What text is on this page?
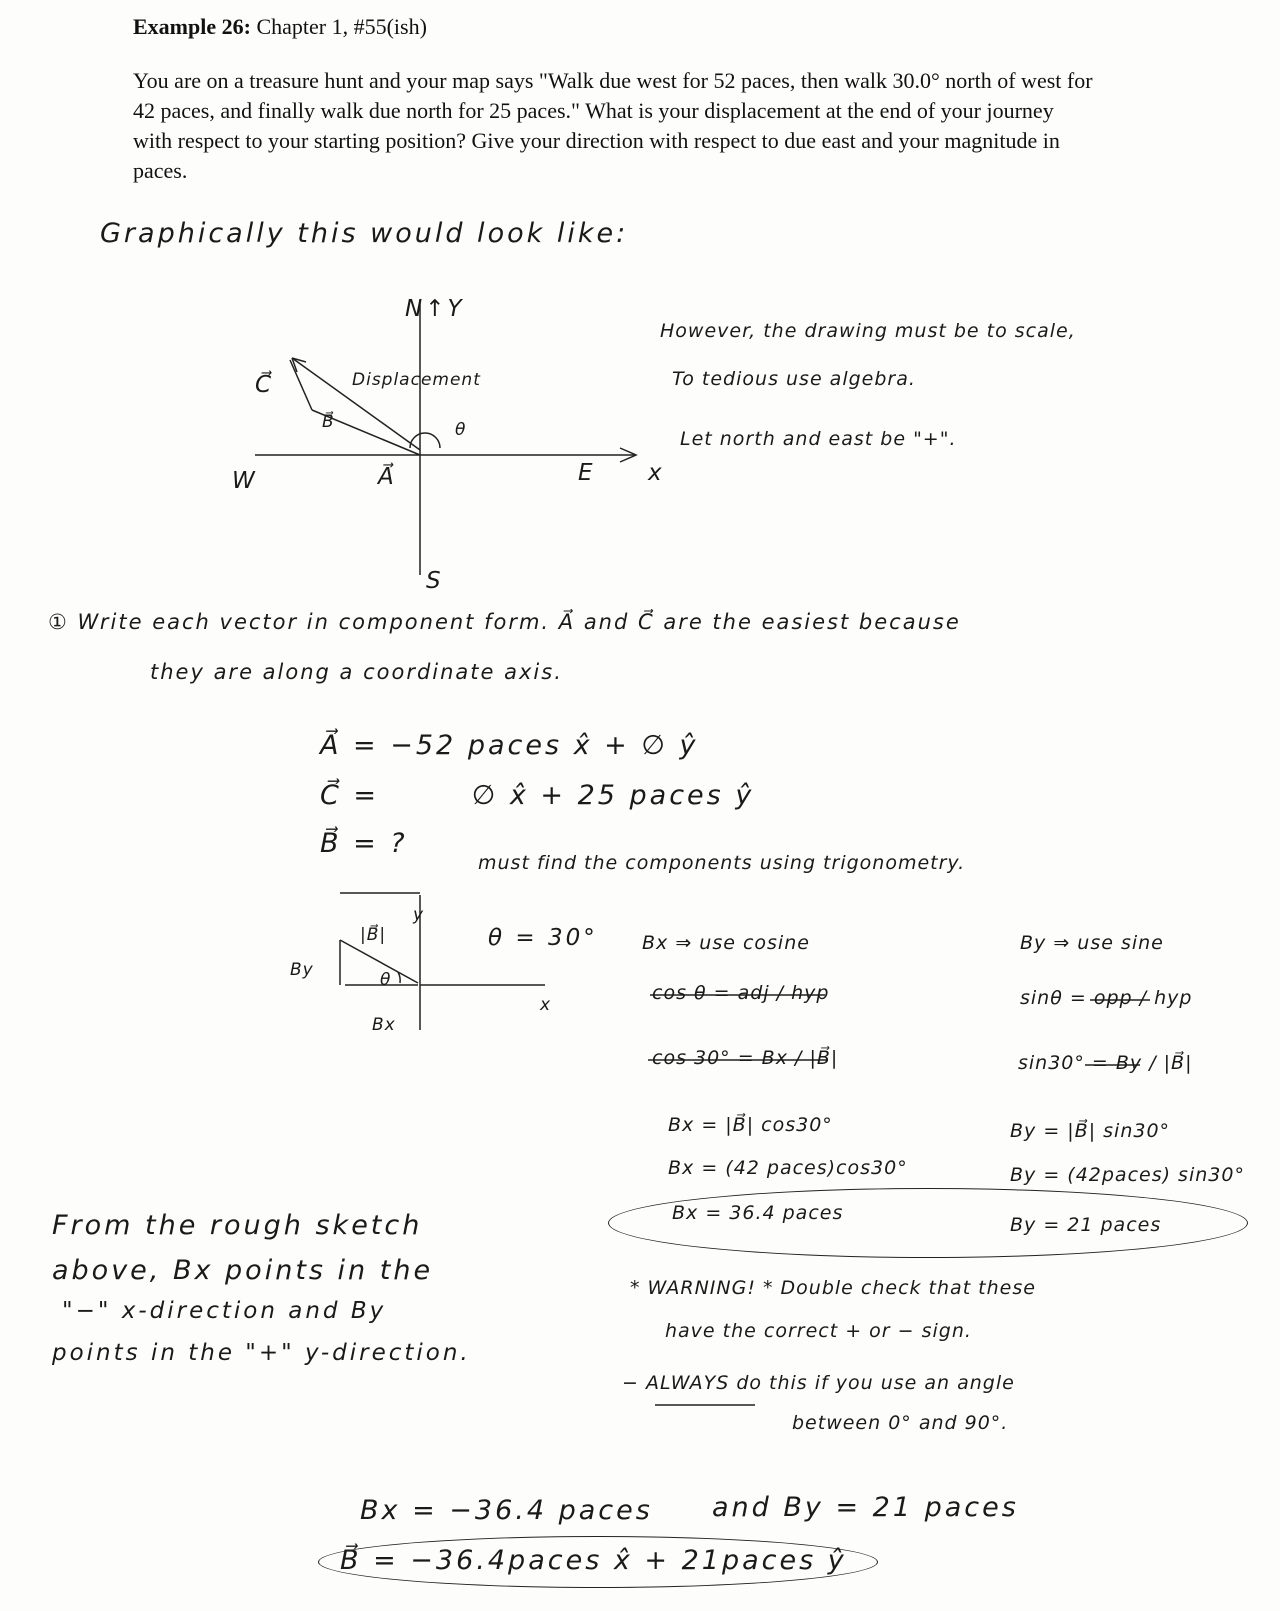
Example 26: Chapter 1, #55(ish)
You are on a treasure hunt and your map says "Walk due west for 52 paces, then walk 30.0° north of west for 42 paces, and finally walk due north for 25 paces." What is your displacement at the end of your journey with respect to your starting position? Give your direction with respect to due east and your magnitude in paces.
Graphically this would look like:
N↑Y
Displacement
C⃗
B⃗	θ
W	A⃗	E x
S
However, the drawing must be to scale,
To tedious use algebra.
Let north and east be "+".
① Write each vector in component form. A⃗ and C⃗ are the easiest because
they are along a coordinate axis.
A⃗ = −52 paces x̂ + ∅ ŷ
C⃗ =        ∅ x̂ + 25 paces ŷ
B⃗ = ?
must find the components using trigonometry.
y
|B⃗|
By	θ
Bx
x
θ = 30° Bx ⇒ use cosine
cos θ = adj / hyp
cos 30° = Bx / |B⃗|
By ⇒ use sine
sinθ = opp / hyp
sin30° = By / |B⃗|
Bx = |B⃗| cos30°
Bx = (42 paces)cos30°
Bx = 36.4 paces
By = |B⃗| sin30°
By = (42paces) sin30°
By = 21 paces
From the rough sketch
above, Bx points in the
"−" x-direction and By
points in the "+" y-direction.
* WARNING! * Double check that these
have the correct + or − sign.
− ALWAYS do this if you use an angle
between 0° and 90°.
Bx = −36.4 paces and By = 21 paces
B⃗ = −36.4paces x̂ + 21paces ŷ
